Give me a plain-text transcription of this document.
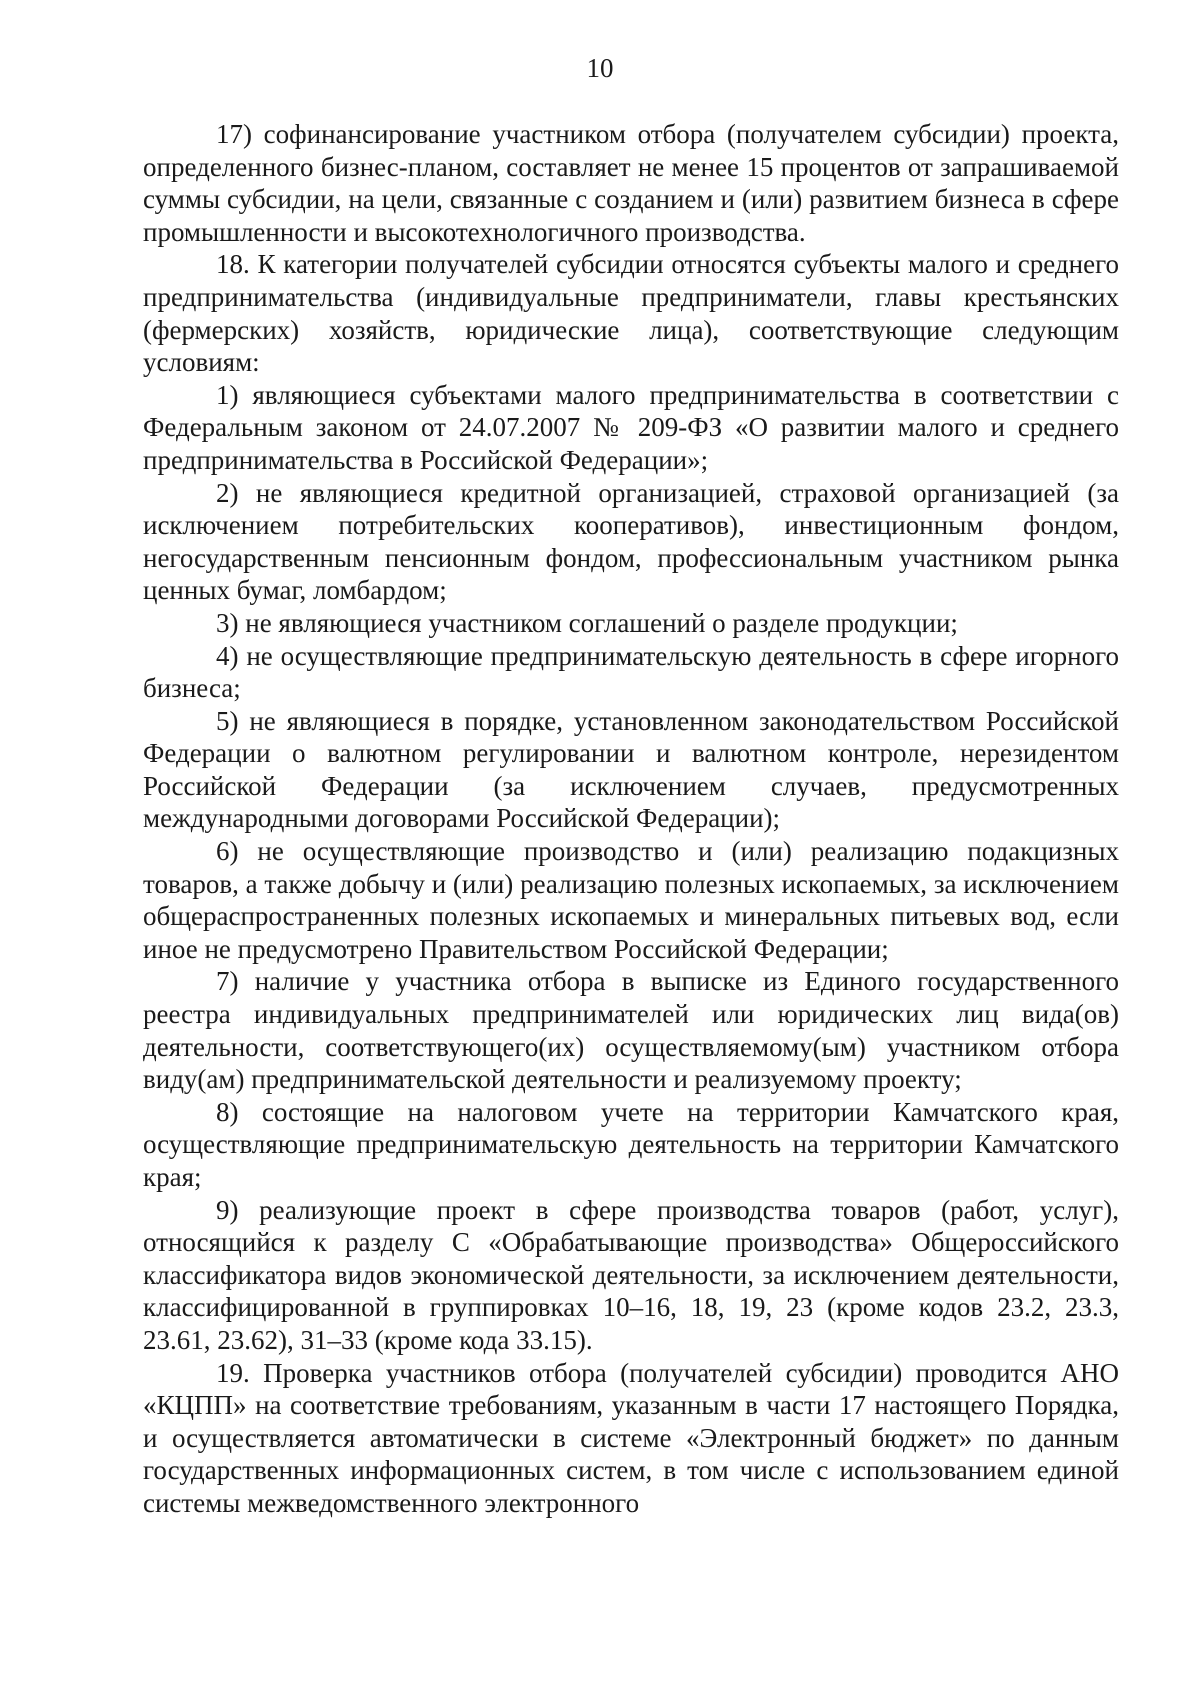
10

17) софинансирование участником отбора (получателем субсидии) проекта, определенного бизнес-планом, составляет не менее 15 процентов от запрашиваемой суммы субсидии, на цели, связанные с созданием и (или) развитием бизнеса в сфере промышленности и высокотехнологичного производства.

18. К категории получателей субсидии относятся субъекты малого и среднего предпринимательства (индивидуальные предприниматели, главы крестьянских (фермерских) хозяйств, юридические лица), соответствующие следующим условиям:

1) являющиеся субъектами малого предпринимательства в соответствии с Федеральным законом от 24.07.2007 № 209-ФЗ «О развитии малого и среднего предпринимательства в Российской Федерации»;

2) не являющиеся кредитной организацией, страховой организацией (за исключением потребительских кооперативов), инвестиционным фондом, негосударственным пенсионным фондом, профессиональным участником рынка ценных бумаг, ломбардом;

3) не являющиеся участником соглашений о разделе продукции;

4) не осуществляющие предпринимательскую деятельность в сфере игорного бизнеса;

5) не являющиеся в порядке, установленном законодательством Российской Федерации о валютном регулировании и валютном контроле, нерезидентом Российской Федерации (за исключением случаев, предусмотренных международными договорами Российской Федерации);

6) не осуществляющие производство и (или) реализацию подакцизных товаров, а также добычу и (или) реализацию полезных ископаемых, за исключением общераспространенных полезных ископаемых и минеральных питьевых вод, если иное не предусмотрено Правительством Российской Федерации;

7) наличие у участника отбора в выписке из Единого государственного реестра индивидуальных предпринимателей или юридических лиц вида(ов) деятельности, соответствующего(их) осуществляемому(ым) участником отбора виду(ам) предпринимательской деятельности и реализуемому проекту;

8) состоящие на налоговом учете на территории Камчатского края, осуществляющие предпринимательскую деятельность на территории Камчатского края;

9) реализующие проект в сфере производства товаров (работ, услуг), относящийся к разделу С «Обрабатывающие производства» Общероссийского классификатора видов экономической деятельности, за исключением деятельности, классифицированной в группировках 10–16, 18, 19, 23 (кроме кодов 23.2, 23.3, 23.61, 23.62), 31–33 (кроме кода 33.15).

19. Проверка участников отбора (получателей субсидии) проводится АНО «КЦПП» на соответствие требованиям, указанным в части 17 настоящего Порядка, и осуществляется автоматически в системе «Электронный бюджет» по данным государственных информационных систем, в том числе с использованием единой системы межведомственного электронного
